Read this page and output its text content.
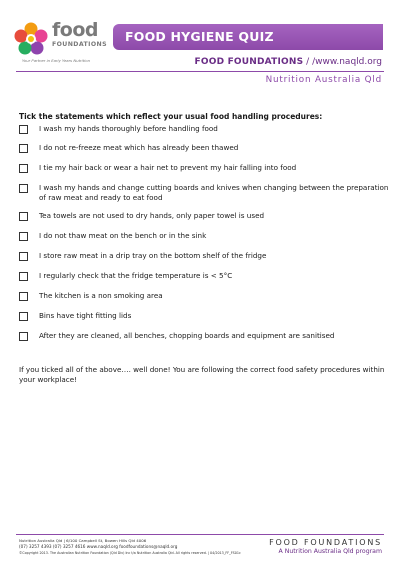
food
FOUNDATIONS
Your Partner in Early Years Nutrition
FOOD HYGIENE QUIZ
FOOD FOUNDATIONS / /www.naqld.org
Nutrition Australia Qld
Tick the statements which reflect your usual food handling procedures:
I wash my hands thoroughly before handling food
I do not re-freeze meat which has already been thawed
I tie my hair back or wear a hair net to prevent my hair falling into food
I wash my hands and change cutting boards and knives when changing between the preparation of raw meat and ready to eat food
Tea towels are not used to dry hands, only paper towel is used
I do not thaw meat on the bench or in the sink
I store raw meat in a drip tray on the bottom shelf of the fridge
I regularly check that the fridge temperature is < 5°C
The kitchen is a non smoking area
Bins have tight fitting lids
After they are cleaned, all benches, chopping boards and equipment are sanitised
If you ticked all of the above…. well done! You are following the correct food safety procedures within your workplace!
Nutrition Australia Qld | 6/100 Campbell St, Bowen Hills Qld 4006
(07) 3257 4393 (07) 3257 4616 www.naqld.org foodfoundations@naqld.org
©Copyright 2013. The Australian Nutrition Foundation (Qld Div) Inc t/a Nutrition Australia Qld. All rights reserved. | 04/2013_FF_FS01c
FOOD FOUNDATIONS
A Nutrition Australia Qld program
